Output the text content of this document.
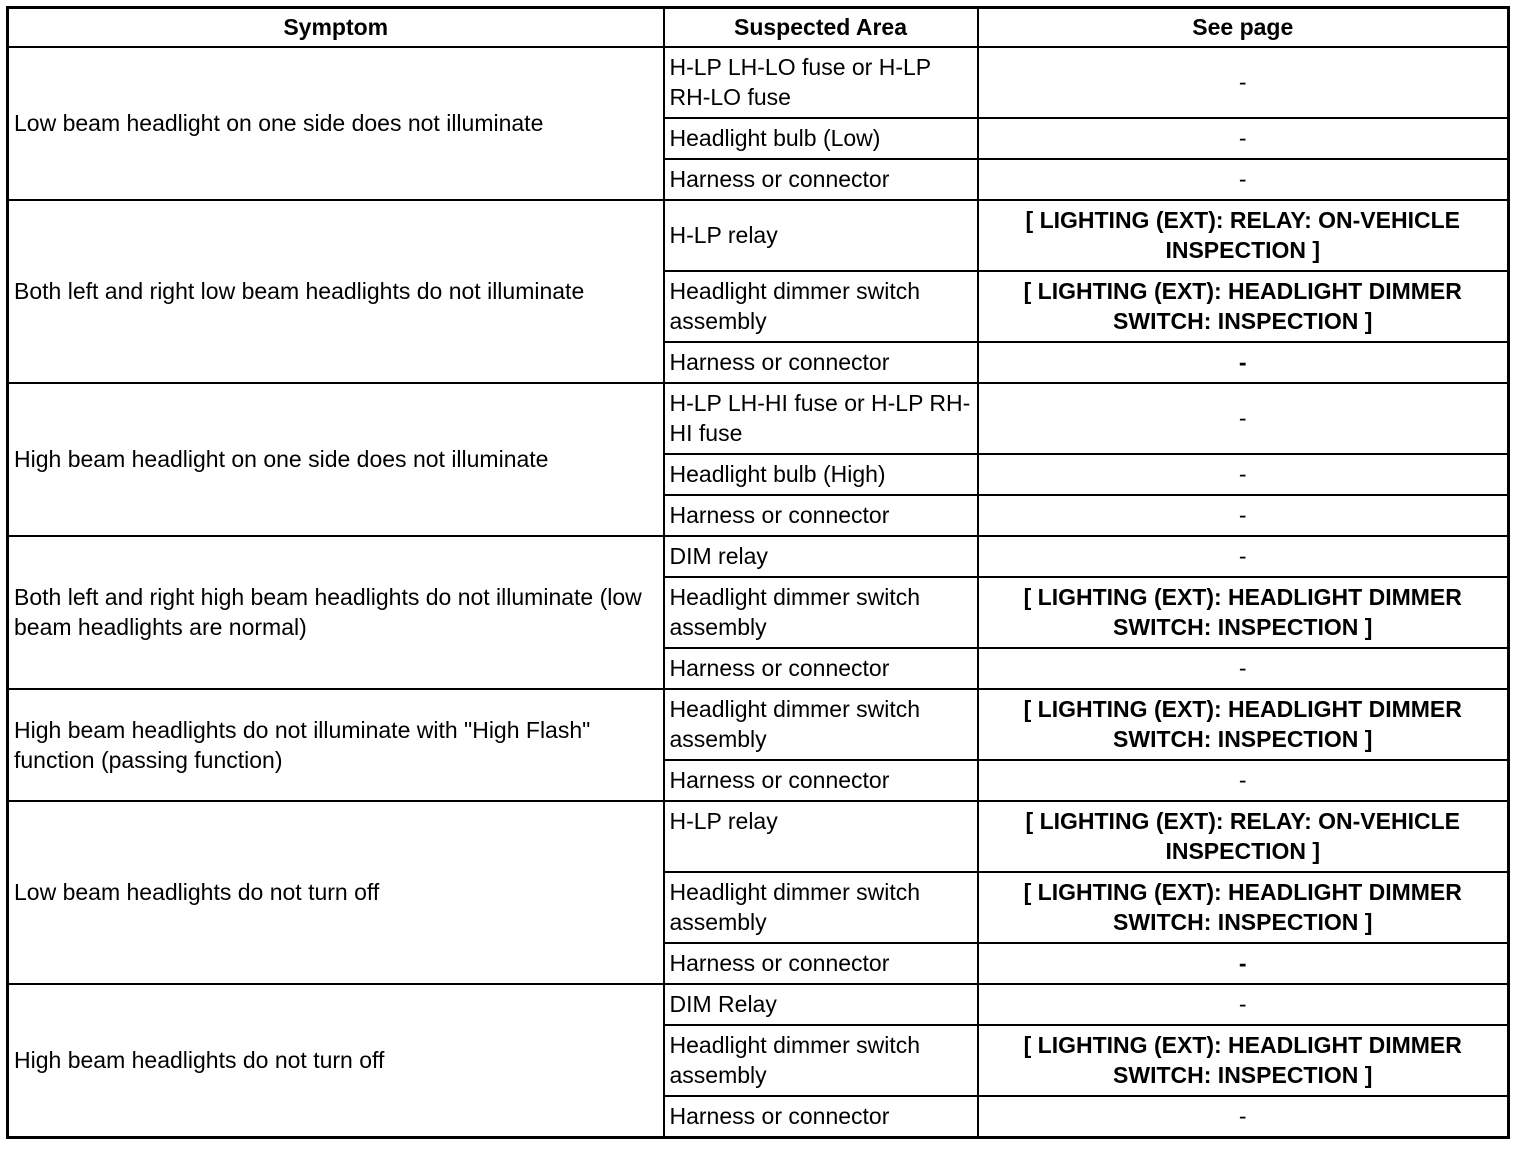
Symptom	Suspected Area	See page
Low beam headlight on one side does not illuminate	H-LP LH-LO fuse or H-LP RH-LO fuse	-
	Headlight bulb (Low)	-
	Harness or connector	-
Both left and right low beam headlights do not illuminate	H-LP relay	[ LIGHTING (EXT): RELAY: ON-VEHICLE INSPECTION ]
	Headlight dimmer switch assembly	[ LIGHTING (EXT): HEADLIGHT DIMMER SWITCH: INSPECTION ]
	Harness or connector	-
High beam headlight on one side does not illuminate	H-LP LH-HI fuse or H-LP RH-HI fuse	-
	Headlight bulb (High)	-
	Harness or connector	-
Both left and right high beam headlights do not illuminate (low beam headlights are normal)	DIM relay	-
	Headlight dimmer switch assembly	[ LIGHTING (EXT): HEADLIGHT DIMMER SWITCH: INSPECTION ]
	Harness or connector	-
High beam headlights do not illuminate with "High Flash" function (passing function)	Headlight dimmer switch assembly	[ LIGHTING (EXT): HEADLIGHT DIMMER SWITCH: INSPECTION ]
	Harness or connector	-
Low beam headlights do not turn off	H-LP relay	[ LIGHTING (EXT): RELAY: ON-VEHICLE INSPECTION ]
	Headlight dimmer switch assembly	[ LIGHTING (EXT): HEADLIGHT DIMMER SWITCH: INSPECTION ]
	Harness or connector	-
High beam headlights do not turn off	DIM Relay	-
	Headlight dimmer switch assembly	[ LIGHTING (EXT): HEADLIGHT DIMMER SWITCH: INSPECTION ]
	Harness or connector	-
